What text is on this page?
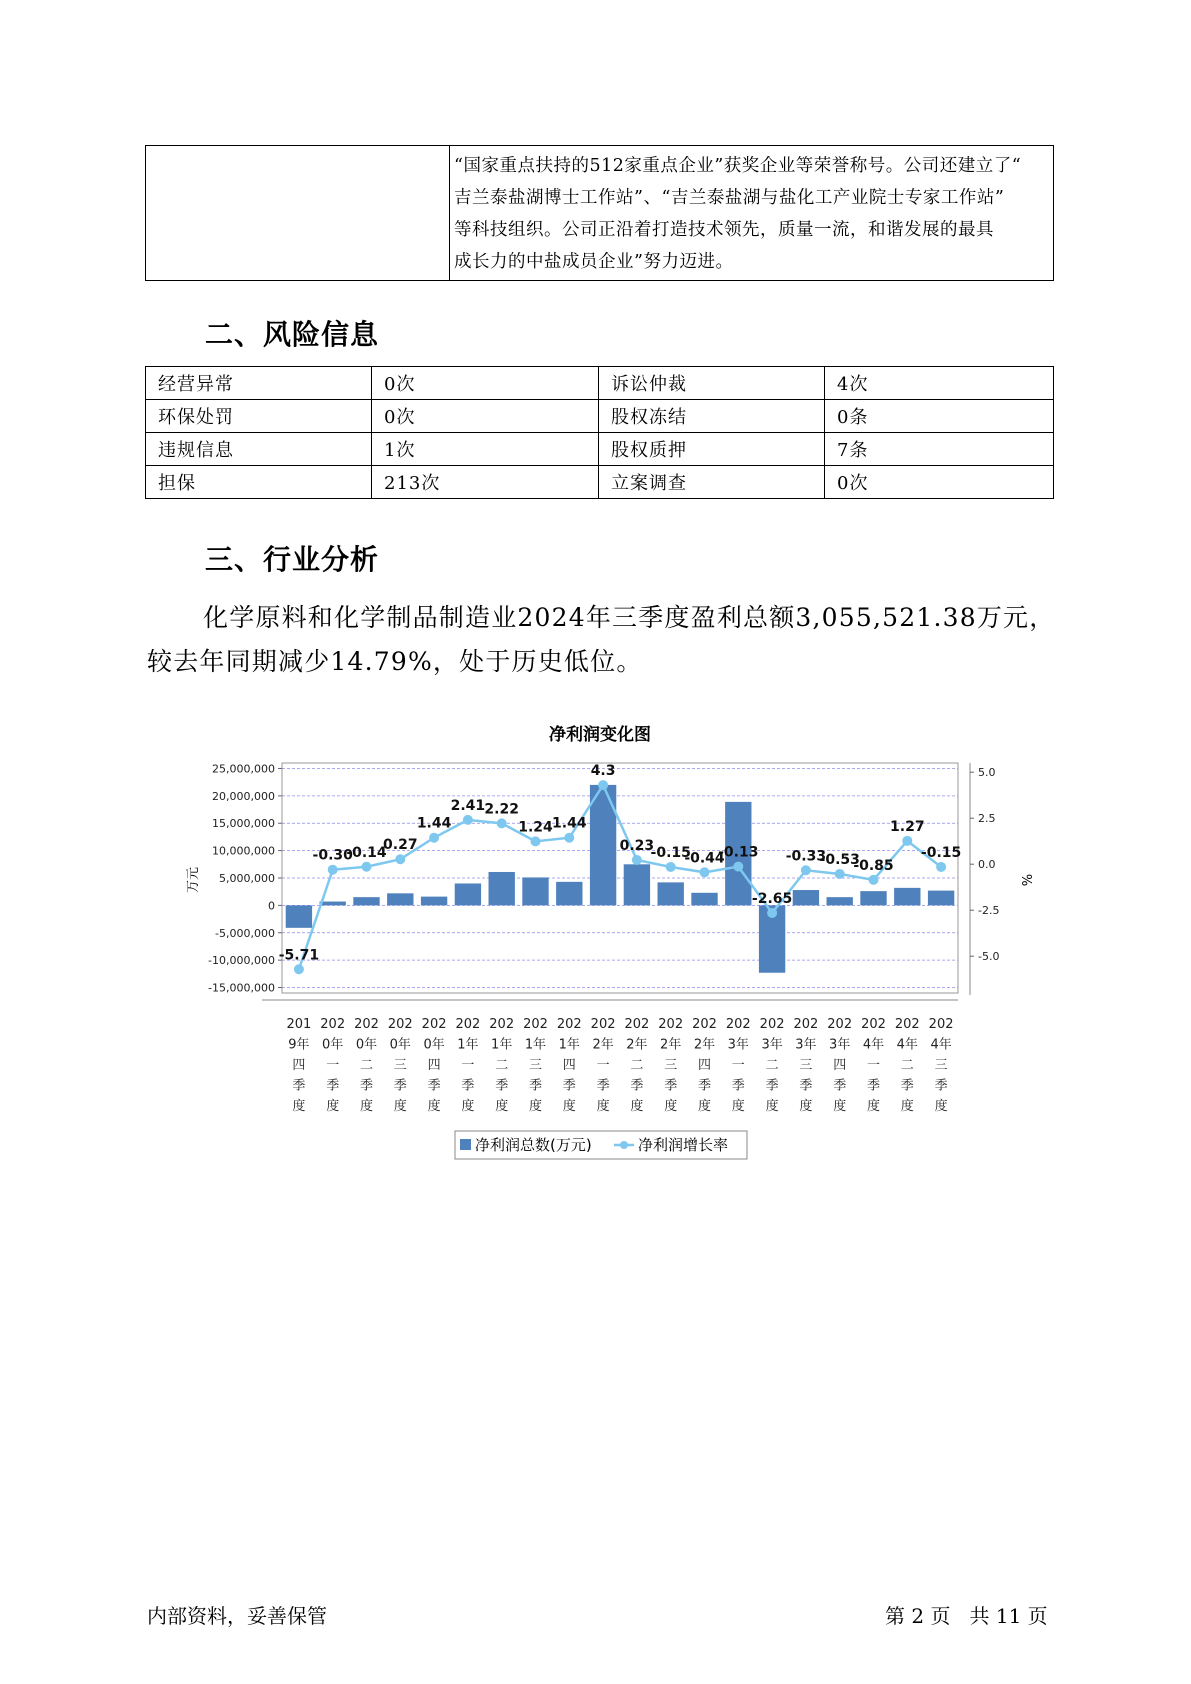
“国家重点扶持的512家重点企业”获奖企业等荣誉称号。公司还建立了“
吉兰泰盐湖博士工作站”、“吉兰泰盐湖与盐化工产业院士专家工作站”
等科技组织。公司正沿着打造技术领先，质量一流，和谐发展的最具
成长力的中盐成员企业”努力迈进。
二、风险信息
经营异常	0次	诉讼仲裁	4次
环保处罚	0次	股权冻结	0条
违规信息	1次	股权质押	7条
担保	213次	立案调查	0次
三、行业分析
化学原料和化学制品制造业2024年三季度盈利总额3,055,521.38万元，
较去年同期减少14.79%，处于历史低位。
净利润变化图
万元	%
25,000,000
20,000,000
15,000,000
10,000,000
5,000,000
0
-5,000,000
-10,000,000
-15,000,000
5.0
2.5
0.0
-2.5
-5.0
201
9年
四
季
度
202
0年
一
季
度
202
0年
二
季
度
202
0年
三
季
度
202
0年
四
季
度
202
1年
一
季
度
202
1年
二
季
度
202
1年
三
季
度
202
1年
四
季
度
202
2年
一
季
度
202
2年
二
季
度
202
2年
三
季
度
202
2年
四
季
度
202
3年
一
季
度
202
3年
二
季
度
202
3年
三
季
度
202
3年
四
季
度
202
4年
一
季
度
202
4年
二
季
度
202
4年
三
季
度
-5.71
-0.30
-0.14
0.27
1.44
2.41 2.22
1.24 1.44
4.3
0.23
-0.15
-0.44
-0.13
-2.65
-0.33
-0.53
-0.85
1.27
-0.15
净利润总数(万元)	净利润增长率
内部资料，妥善保管	第 2 页   共 11 页
